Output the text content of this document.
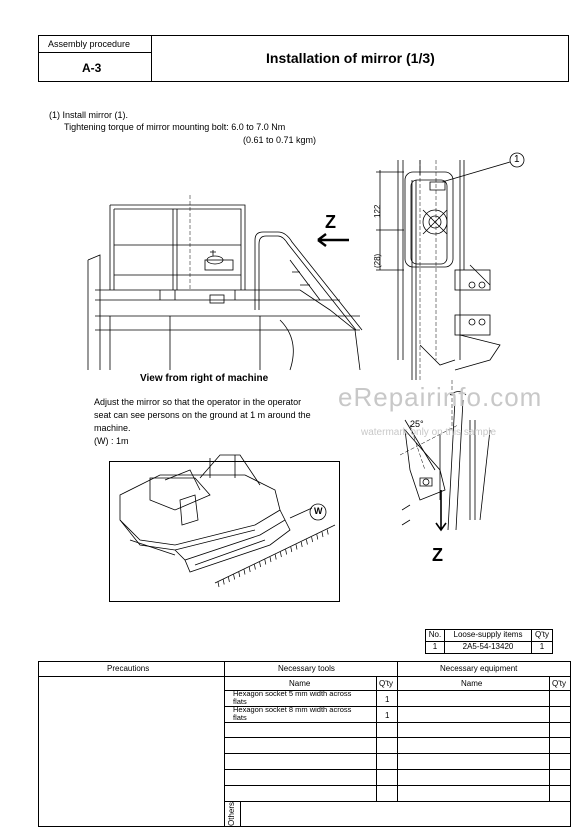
Assembly procedure
A-3
Installation of mirror (1/3)
(1) Install mirror (1).
Tightening torque of mirror mounting bolt: 6.0 to 7.0 Nm
(0.61 to 0.71 kgm)
Z
View from right of machine
1
122
(28)
25°
Z
Adjust the mirror so that the operator in the operator
seat can see persons on the ground at 1 m around the
machine.
(W) : 1m
eRepairinfo.com
watermark only on this sample
W
No.	Loose-supply items	Q'ty
1	2A5-54-13420	1
Precautions	Necessary tools	Necessary equipment
Name	Q'ty	Name	Q'ty
Hexagon socket 5 mm width across flats	1
Hexagon socket 8 mm width across flats	1
Others
